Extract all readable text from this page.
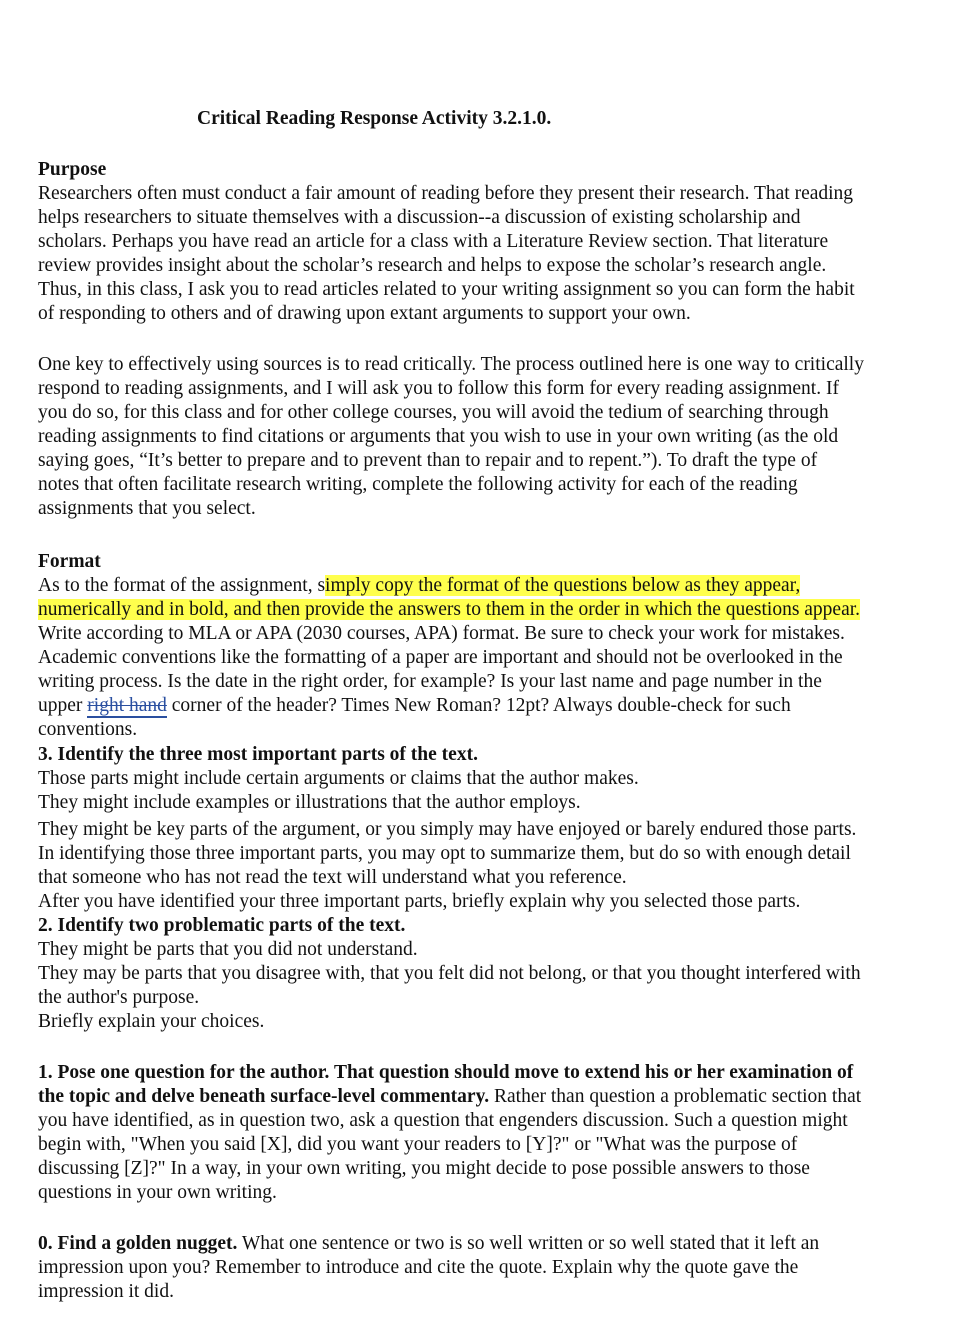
Critical Reading Response Activity 3.2.1.0.
Purpose
Researchers often must conduct a fair amount of reading before they present their research. That reading
helps researchers to situate themselves with a discussion--a discussion of existing scholarship and
scholars. Perhaps you have read an article for a class with a Literature Review section. That literature
review provides insight about the scholar’s research and helps to expose the scholar’s research angle.
Thus, in this class, I ask you to read articles related to your writing assignment so you can form the habit
of responding to others and of drawing upon extant arguments to support your own.
One key to effectively using sources is to read critically. The process outlined here is one way to critically
respond to reading assignments, and I will ask you to follow this form for every reading assignment. If
you do so, for this class and for other college courses, you will avoid the tedium of searching through
reading assignments to find citations or arguments that you wish to use in your own writing (as the old
saying goes, “It’s better to prepare and to prevent than to repair and to repent.”). To draft the type of
notes that often facilitate research writing, complete the following activity for each of the reading
assignments that you select.
Format
As to the format of the assignment, simply copy the format of the questions below as they appear,
numerically and in bold, and then provide the answers to them in the order in which the questions appear.
Write according to MLA or APA (2030 courses, APA) format. Be sure to check your work for mistakes.
Academic conventions like the formatting of a paper are important and should not be overlooked in the
writing process. Is the date in the right order, for example? Is your last name and page number in the
upper right hand corner of the header? Times New Roman? 12pt? Always double-check for such
conventions.
3. Identify the three most important parts of the text.
Those parts might include certain arguments or claims that the author makes.
They might include examples or illustrations that the author employs.
They might be key parts of the argument, or you simply may have enjoyed or barely endured those parts.
In identifying those three important parts, you may opt to summarize them, but do so with enough detail
that someone who has not read the text will understand what you reference.
After you have identified your three important parts, briefly explain why you selected those parts.
2. Identify two problematic parts of the text.
They might be parts that you did not understand.
They may be parts that you disagree with, that you felt did not belong, or that you thought interfered with
the author's purpose.
Briefly explain your choices.
1. Pose one question for the author. That question should move to extend his or her examination of
the topic and delve beneath surface-level commentary. Rather than question a problematic section that
you have identified, as in question two, ask a question that engenders discussion. Such a question might
begin with, "When you said [X], did you want your readers to [Y]?" or "What was the purpose of
discussing [Z]?" In a way, in your own writing, you might decide to pose possible answers to those
questions in your own writing.
0. Find a golden nugget. What one sentence or two is so well written or so well stated that it left an
impression upon you? Remember to introduce and cite the quote. Explain why the quote gave the
impression it did.
